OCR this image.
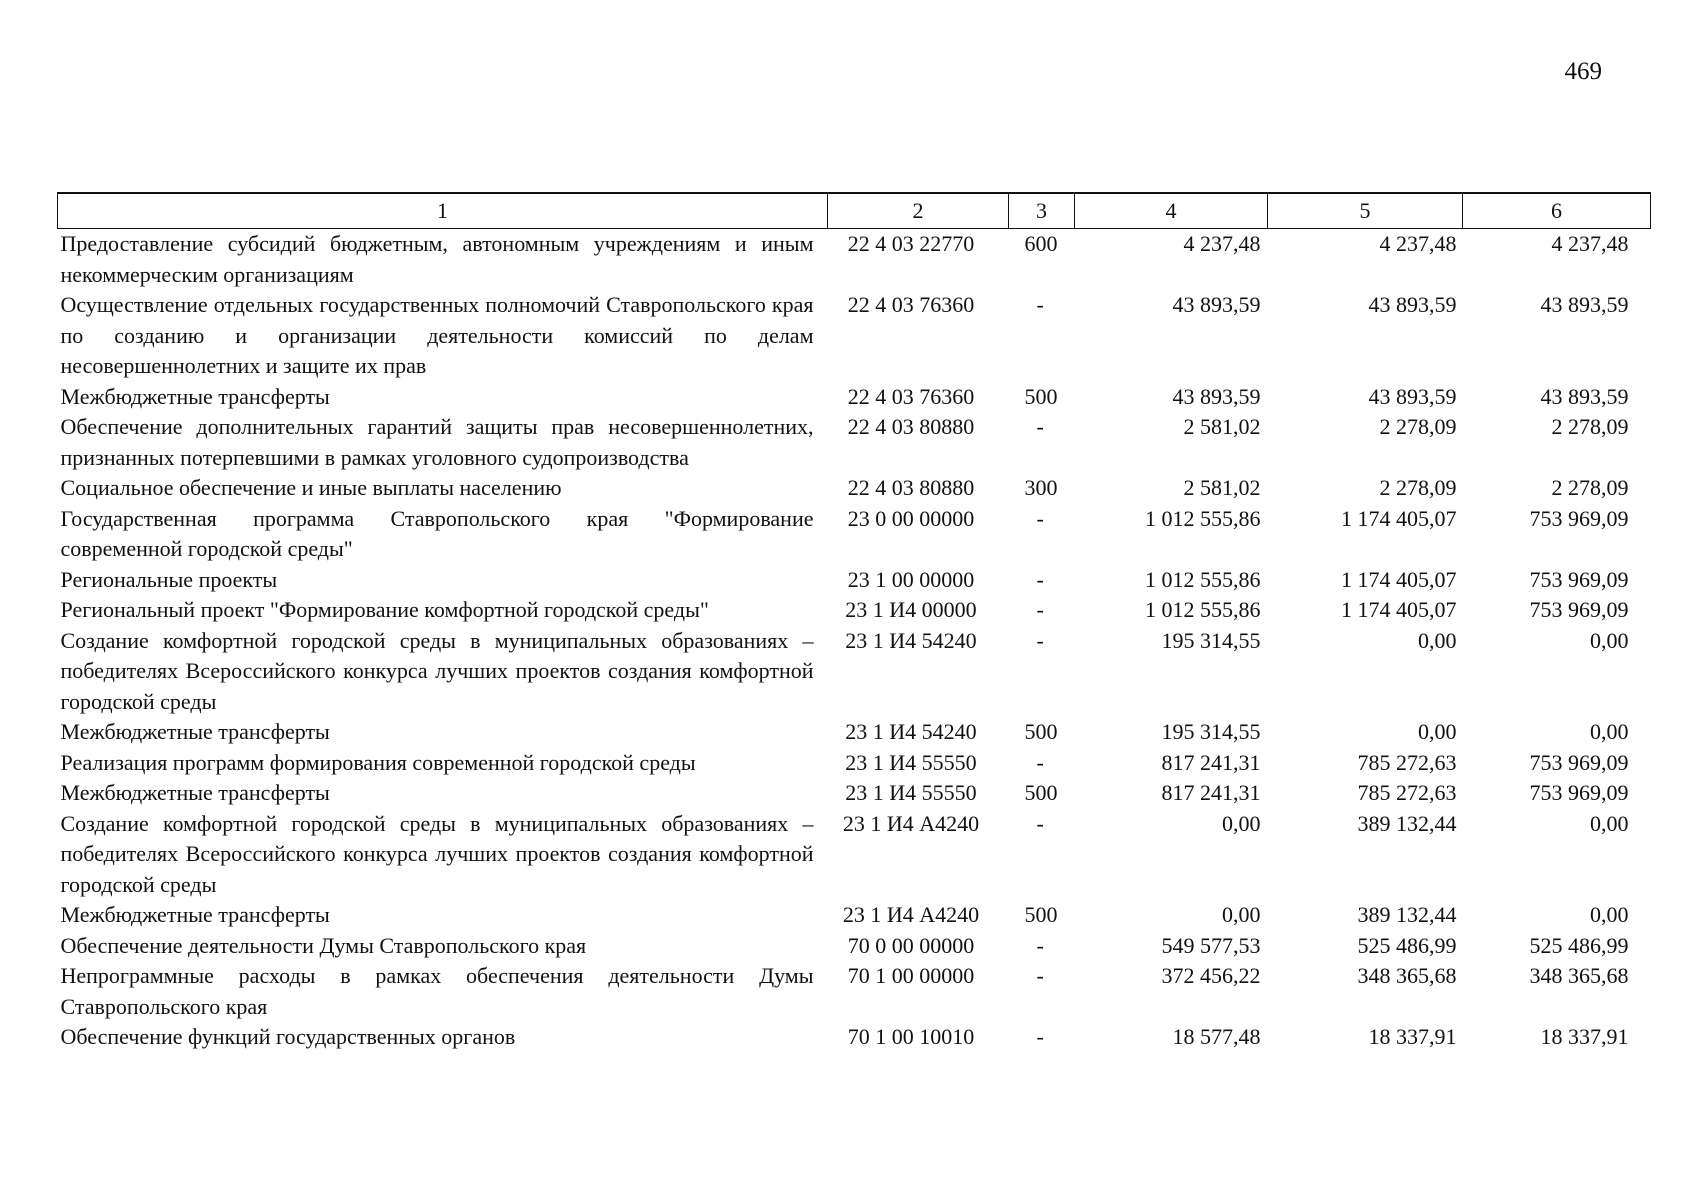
469
1	2	3	4	5	6
Предоставление субсидий бюджетным, автономным учреждениям и иным некоммерческим организациям	22 4 03 22770	600	4 237,48	4 237,48	4 237,48
Осуществление отдельных государственных полномочий Ставропольского края по созданию и организации деятельности комиссий по делам несовершеннолетних и защите их прав	22 4 03 76360	-	43 893,59	43 893,59	43 893,59
Межбюджетные трансферты	22 4 03 76360	500	43 893,59	43 893,59	43 893,59
Обеспечение дополнительных гарантий защиты прав несовершеннолетних, признанных потерпевшими в рамках уголовного судопроизводства	22 4 03 80880	-	2 581,02	2 278,09	2 278,09
Социальное обеспечение и иные выплаты населению	22 4 03 80880	300	2 581,02	2 278,09	2 278,09
Государственная программа Ставропольского края "Формирование современной городской среды"	23 0 00 00000	-	1 012 555,86	1 174 405,07	753 969,09
Региональные проекты	23 1 00 00000	-	1 012 555,86	1 174 405,07	753 969,09
Региональный проект "Формирование комфортной городской среды"	23 1 И4 00000	-	1 012 555,86	1 174 405,07	753 969,09
Создание комфортной городской среды в муниципальных образованиях – победителях Всероссийского конкурса лучших проектов создания комфортной городской среды	23 1 И4 54240	-	195 314,55	0,00	0,00
Межбюджетные трансферты	23 1 И4 54240	500	195 314,55	0,00	0,00
Реализация программ формирования современной городской среды	23 1 И4 55550	-	817 241,31	785 272,63	753 969,09
Межбюджетные трансферты	23 1 И4 55550	500	817 241,31	785 272,63	753 969,09
Создание комфортной городской среды в муниципальных образованиях – победителях Всероссийского конкурса лучших проектов создания комфортной городской среды	23 1 И4 А4240	-	0,00	389 132,44	0,00
Межбюджетные трансферты	23 1 И4 А4240	500	0,00	389 132,44	0,00
Обеспечение деятельности Думы Ставропольского края	70 0 00 00000	-	549 577,53	525 486,99	525 486,99
Непрограммные расходы в рамках обеспечения деятельности Думы Ставропольского края	70 1 00 00000	-	372 456,22	348 365,68	348 365,68
Обеспечение функций государственных органов	70 1 00 10010	-	18 577,48	18 337,91	18 337,91
